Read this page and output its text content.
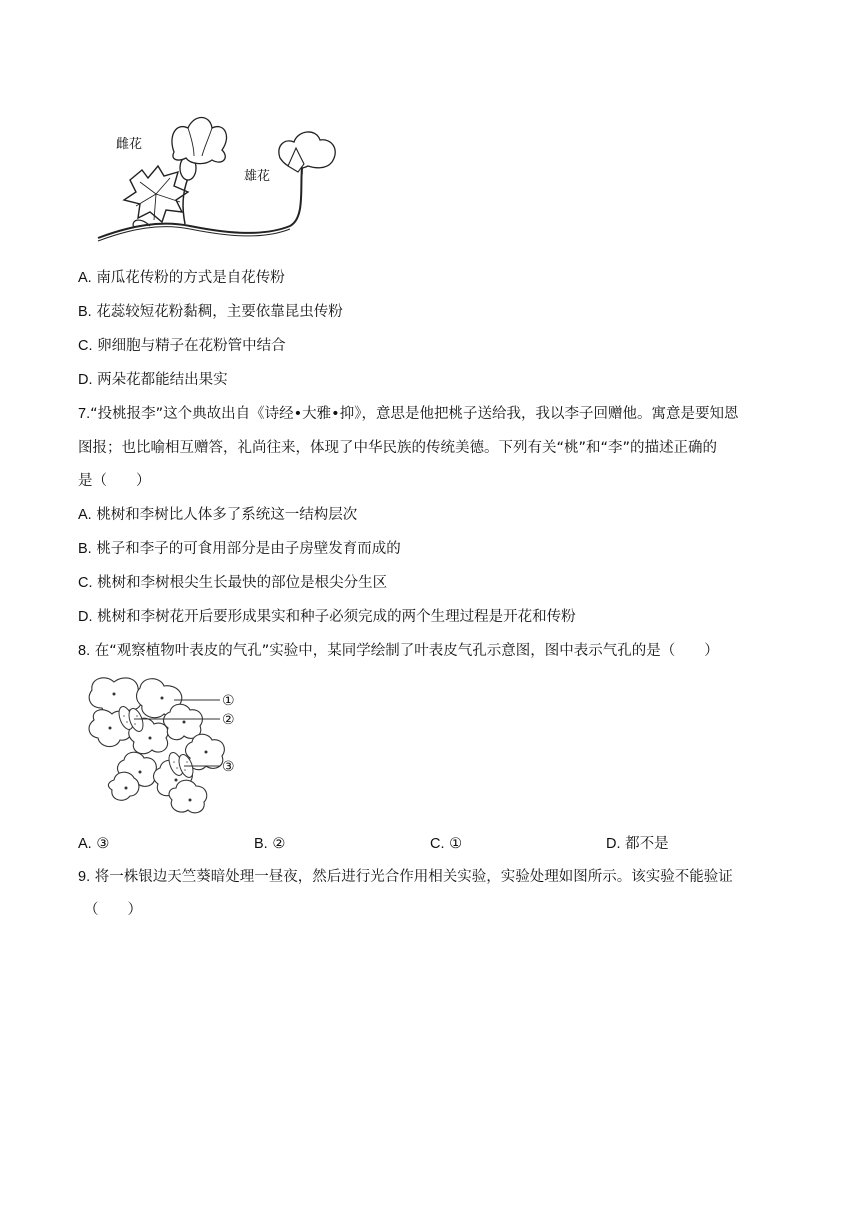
雌花
雄花
A. 南瓜花传粉的方式是自花传粉
B. 花蕊较短花粉黏稠，主要依靠昆虫传粉
C. 卵细胞与精子在花粉管中结合
D. 两朵花都能结出果实
7.“投桃报李”这个典故出自《诗经•大雅•抑》，意思是他把桃子送给我，我以李子回赠他。寓意是要知恩
图报；也比喻相互赠答，礼尚往来，体现了中华民族的传统美德。下列有关“桃”和“李”的描述正确的
是（　　）
A. 桃树和李树比人体多了系统这一结构层次
B. 桃子和李子的可食用部分是由子房壁发育而成的
C. 桃树和李树根尖生长最快的部位是根尖分生区
D. 桃树和李树花开后要形成果实和种子必须完成的两个生理过程是开花和传粉
8. 在“观察植物叶表皮的气孔”实验中，某同学绘制了叶表皮气孔示意图，图中表示气孔的是（　　）
①
②
③
A. ③	B. ②	C. ①	D. 都不是
9. 将一株银边天竺葵暗处理一昼夜，然后进行光合作用相关实验，实验处理如图所示。该实验不能验证
（　　）
